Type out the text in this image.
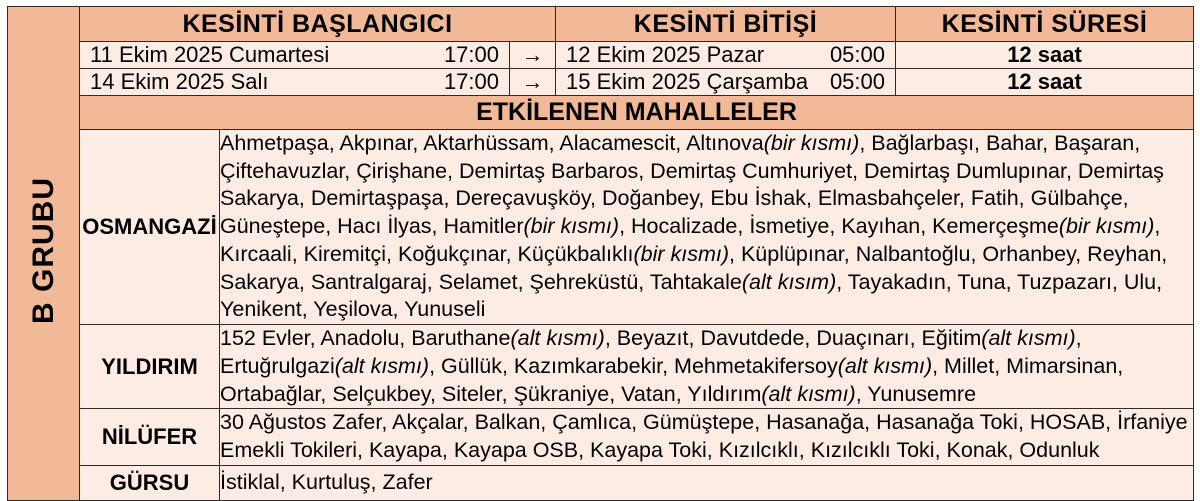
B GRUBU	KESİNTİ BAŞLANGICI			KESİNTİ BİTİŞİ	KESİNTİ SÜRESİ

	11 Ekim 2025 Cumartesi 17:00		→	12 Ekim 2025 Pazar 05:00	12 saat

	14 Ekim 2025 Salı 17:00		→	15 Ekim 2025 Çarşamba 05:00	12 saat
	ETKİLENEN MAHALLELER				
	OSMANGAZİ	Ahmetpaşa, Akpınar, Aktarhüssam, Alacamescit, Altınova(bir kısmı), Bağlarbaşı, Bahar, Başaran, Çiftehavuzlar, Çirişhane, Demirtaş Barbaros, Demirtaş Cumhuriyet, Demirtaş Dumlupınar, Demirtaş Sakarya, Demirtaşpaşa, Dereçavuşköy, Doğanbey, Ebu İshak, Elmasbahçeler, Fatih, Gülbahçe, Güneştepe, Hacı İlyas, Hamitler(bir kısmı), Hocalizade, İsmetiye, Kayıhan, Kemerçeşme(bir kısmı), Kırcaali, Kiremitçi, Koğukçınar, Küçükbalıklı(bir kısmı), Küplüpınar, Nalbantoğlu, Orhanbey, Reyhan, Sakarya, Santralgaraj, Selamet, Şehreküstü, Tahtakale(alt kısım), Tayakadın, Tuna, Tuzpazarı, Ulu, Yenikent, Yeşilova, Yunuseli			
	YILDIRIM	152 Evler, Anadolu, Baruthane(alt kısmı), Beyazıt, Davutdede, Duaçınarı, Eğitim(alt kısmı), Ertuğrulgazi(alt kısmı), Güllük, Kazımkarabekir, Mehmetakifersoy(alt kısmı), Millet, Mimarsinan, Ortabağlar, Selçukbey, Siteler, Şükraniye, Vatan, Yıldırım(alt kısmı), Yunusemre			
	NİLÜFER	30 Ağustos Zafer, Akçalar, Balkan, Çamlıca, Gümüştepe, Hasanağa, Hasanağa Toki, HOSAB, İrfaniye Emekli Tokileri, Kayapa, Kayapa OSB, Kayapa Toki, Kızılcıklı, Kızılcıklı Toki, Konak, Odunluk			
	GÜRSU	İstiklal, Kurtuluş, Zafer			
